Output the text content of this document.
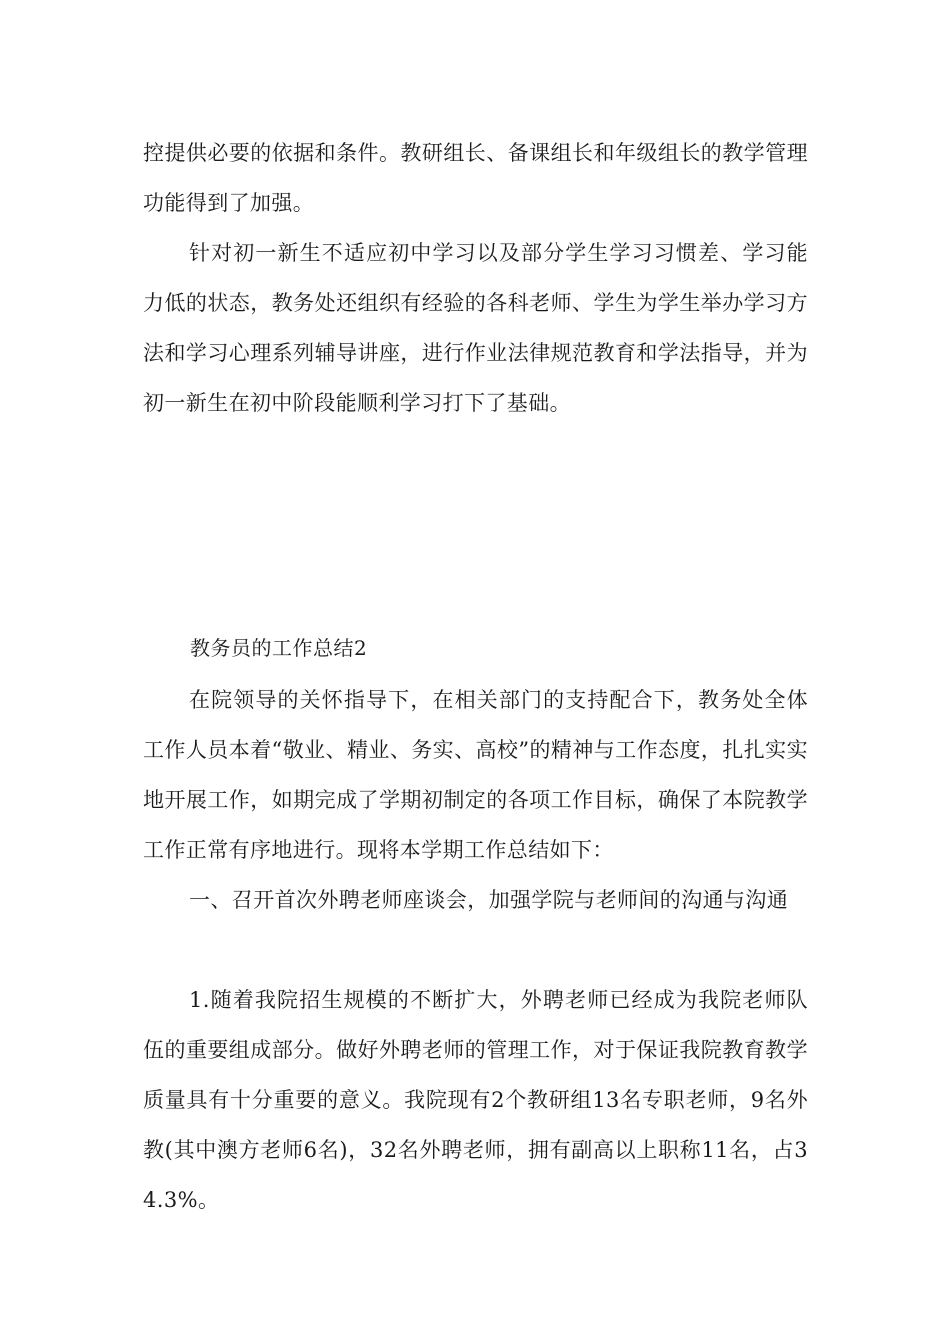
控提供必要的依据和条件。教研组长、备课组长和年级组长的教学管理功能得到了加强。

针对初一新生不适应初中学习以及部分学生学习习惯差、学习能力低的状态，教务处还组织有经验的各科老师、学生为学生举办学习方法和学习心理系列辅导讲座，进行作业法律规范教育和学法指导，并为初一新生在初中阶段能顺利学习打下了基础。

教务员的工作总结2

在院领导的关怀指导下，在相关部门的支持配合下，教务处全体工作人员本着“敬业、精业、务实、高校”的精神与工作态度，扎扎实实地开展工作，如期完成了学期初制定的各项工作目标，确保了本院教学工作正常有序地进行。现将本学期工作总结如下：

一、召开首次外聘老师座谈会，加强学院与老师间的沟通与沟通

1.随着我院招生规模的不断扩大，外聘老师已经成为我院老师队伍的重要组成部分。做好外聘老师的管理工作，对于保证我院教育教学质量具有十分重要的意义。我院现有2个教研组13名专职老师，9名外教(其中澳方老师6名)，32名外聘老师，拥有副高以上职称11名，占34.3%。
